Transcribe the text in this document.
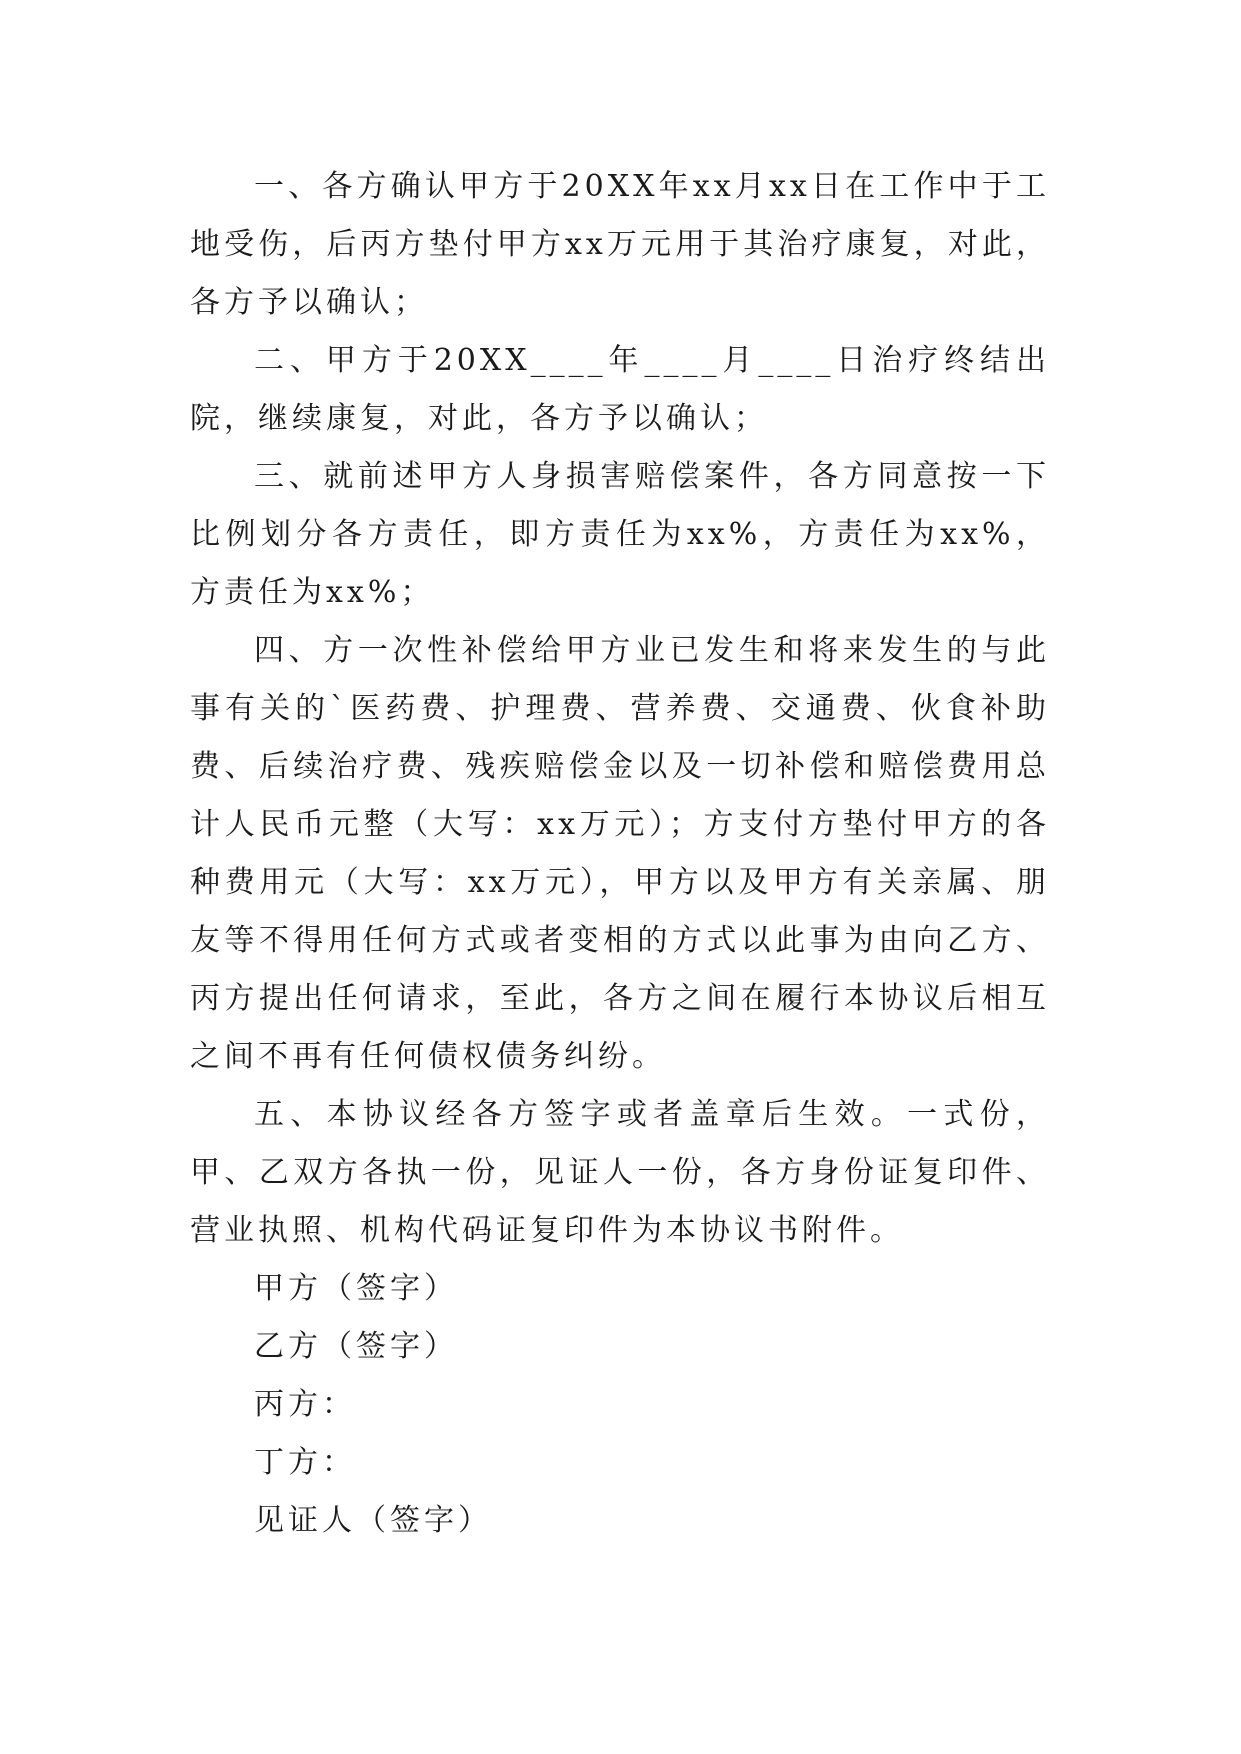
一、各方确认甲方于20XX年xx月xx日在工作中于工地受伤，后丙方垫付甲方xx万元用于其治疗康复，对此，各方予以确认；

二、甲方于20XX____年____月____日治疗终结出院，继续康复，对此，各方予以确认；

三、就前述甲方人身损害赔偿案件，各方同意按一下比例划分各方责任，即方责任为xx%，方责任为xx%，方责任为xx%；

四、方一次性补偿给甲方业已发生和将来发生的与此事有关的`医药费、护理费、营养费、交通费、伙食补助费、后续治疗费、残疾赔偿金以及一切补偿和赔偿费用总计人民币元整（大写：xx万元）；方支付方垫付甲方的各种费用元（大写：xx万元），甲方以及甲方有关亲属、朋友等不得用任何方式或者变相的方式以此事为由向乙方、丙方提出任何请求，至此，各方之间在履行本协议后相互之间不再有任何债权债务纠纷。

五、本协议经各方签字或者盖章后生效。一式份，甲、乙双方各执一份，见证人一份，各方身份证复印件、营业执照、机构代码证复印件为本协议书附件。

甲方（签字）

乙方（签字）

丙方：

丁方：

见证人（签字）
